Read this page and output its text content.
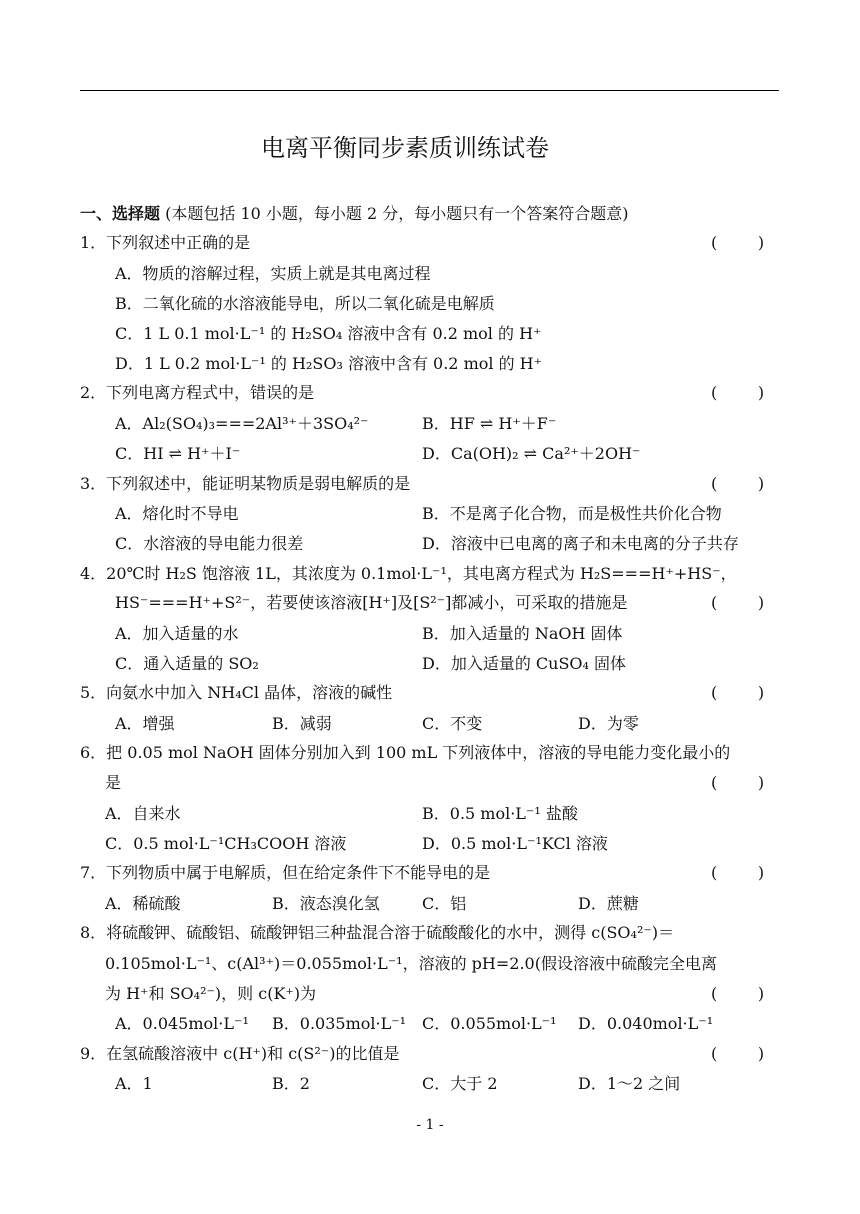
电离平衡同步素质训练试卷
一、选择题 (本题包括 10 小题，每小题 2 分，每小题只有一个答案符合题意)
1．下列叙述中正确的是	(        )
A．物质的溶解过程，实质上就是其电离过程
B．二氧化硫的水溶液能导电，所以二氧化硫是电解质
C．1 L 0.1 mol·L⁻¹ 的 H₂SO₄ 溶液中含有 0.2 mol 的 H⁺
D．1 L 0.2 mol·L⁻¹ 的 H₂SO₃ 溶液中含有 0.2 mol 的 H⁺
2．下列电离方程式中，错误的是	(        )
A．Al₂(SO₄)₃===2Al³⁺＋3SO₄²⁻	B．HF ⇌ H⁺＋F⁻
C．HI ⇌ H⁺＋I⁻	D．Ca(OH)₂ ⇌ Ca²⁺＋2OH⁻
3．下列叙述中，能证明某物质是弱电解质的是	(        )
A．熔化时不导电	B．不是离子化合物，而是极性共价化合物
C．水溶液的导电能力很差	D．溶液中已电离的离子和未电离的分子共存
4．20℃时 H₂S 饱溶液 1L，其浓度为 0.1mol·L⁻¹，其电离方程式为 H₂S===H⁺+HS⁻，
HS⁻===H⁺+S²⁻，若要使该溶液[H⁺]及[S²⁻]都减小，可采取的措施是	(        )
A．加入适量的水	B．加入适量的 NaOH 固体
C．通入适量的 SO₂	D．加入适量的 CuSO₄ 固体
5．向氨水中加入 NH₄Cl 晶体，溶液的碱性	(        )
A．增强	B．减弱	C．不变	D．为零
6．把 0.05 mol NaOH 固体分别加入到 100 mL 下列液体中，溶液的导电能力变化最小的
是	(        )
A．自来水	B．0.5 mol·L⁻¹ 盐酸
C．0.5 mol·L⁻¹CH₃COOH 溶液	D．0.5 mol·L⁻¹KCl 溶液
7．下列物质中属于电解质，但在给定条件下不能导电的是	(        )
A．稀硫酸	B．液态溴化氢	C．铝	D．蔗糖
8．将硫酸钾、硫酸铝、硫酸钾铝三种盐混合溶于硫酸酸化的水中，测得 c(SO₄²⁻)＝
0.105mol·L⁻¹、c(Al³⁺)＝0.055mol·L⁻¹，溶液的 pH=2.0(假设溶液中硫酸完全电离
为 H⁺和 SO₄²⁻)，则 c(K⁺)为	(        )
A．0.045mol·L⁻¹ B．0.035mol·L⁻¹ C．0.055mol·L⁻¹ D．0.040mol·L⁻¹
9．在氢硫酸溶液中 c(H⁺)和 c(S²⁻)的比值是	(        )
A．1	B．2	C．大于 2	D．1～2 之间
- 1 -
